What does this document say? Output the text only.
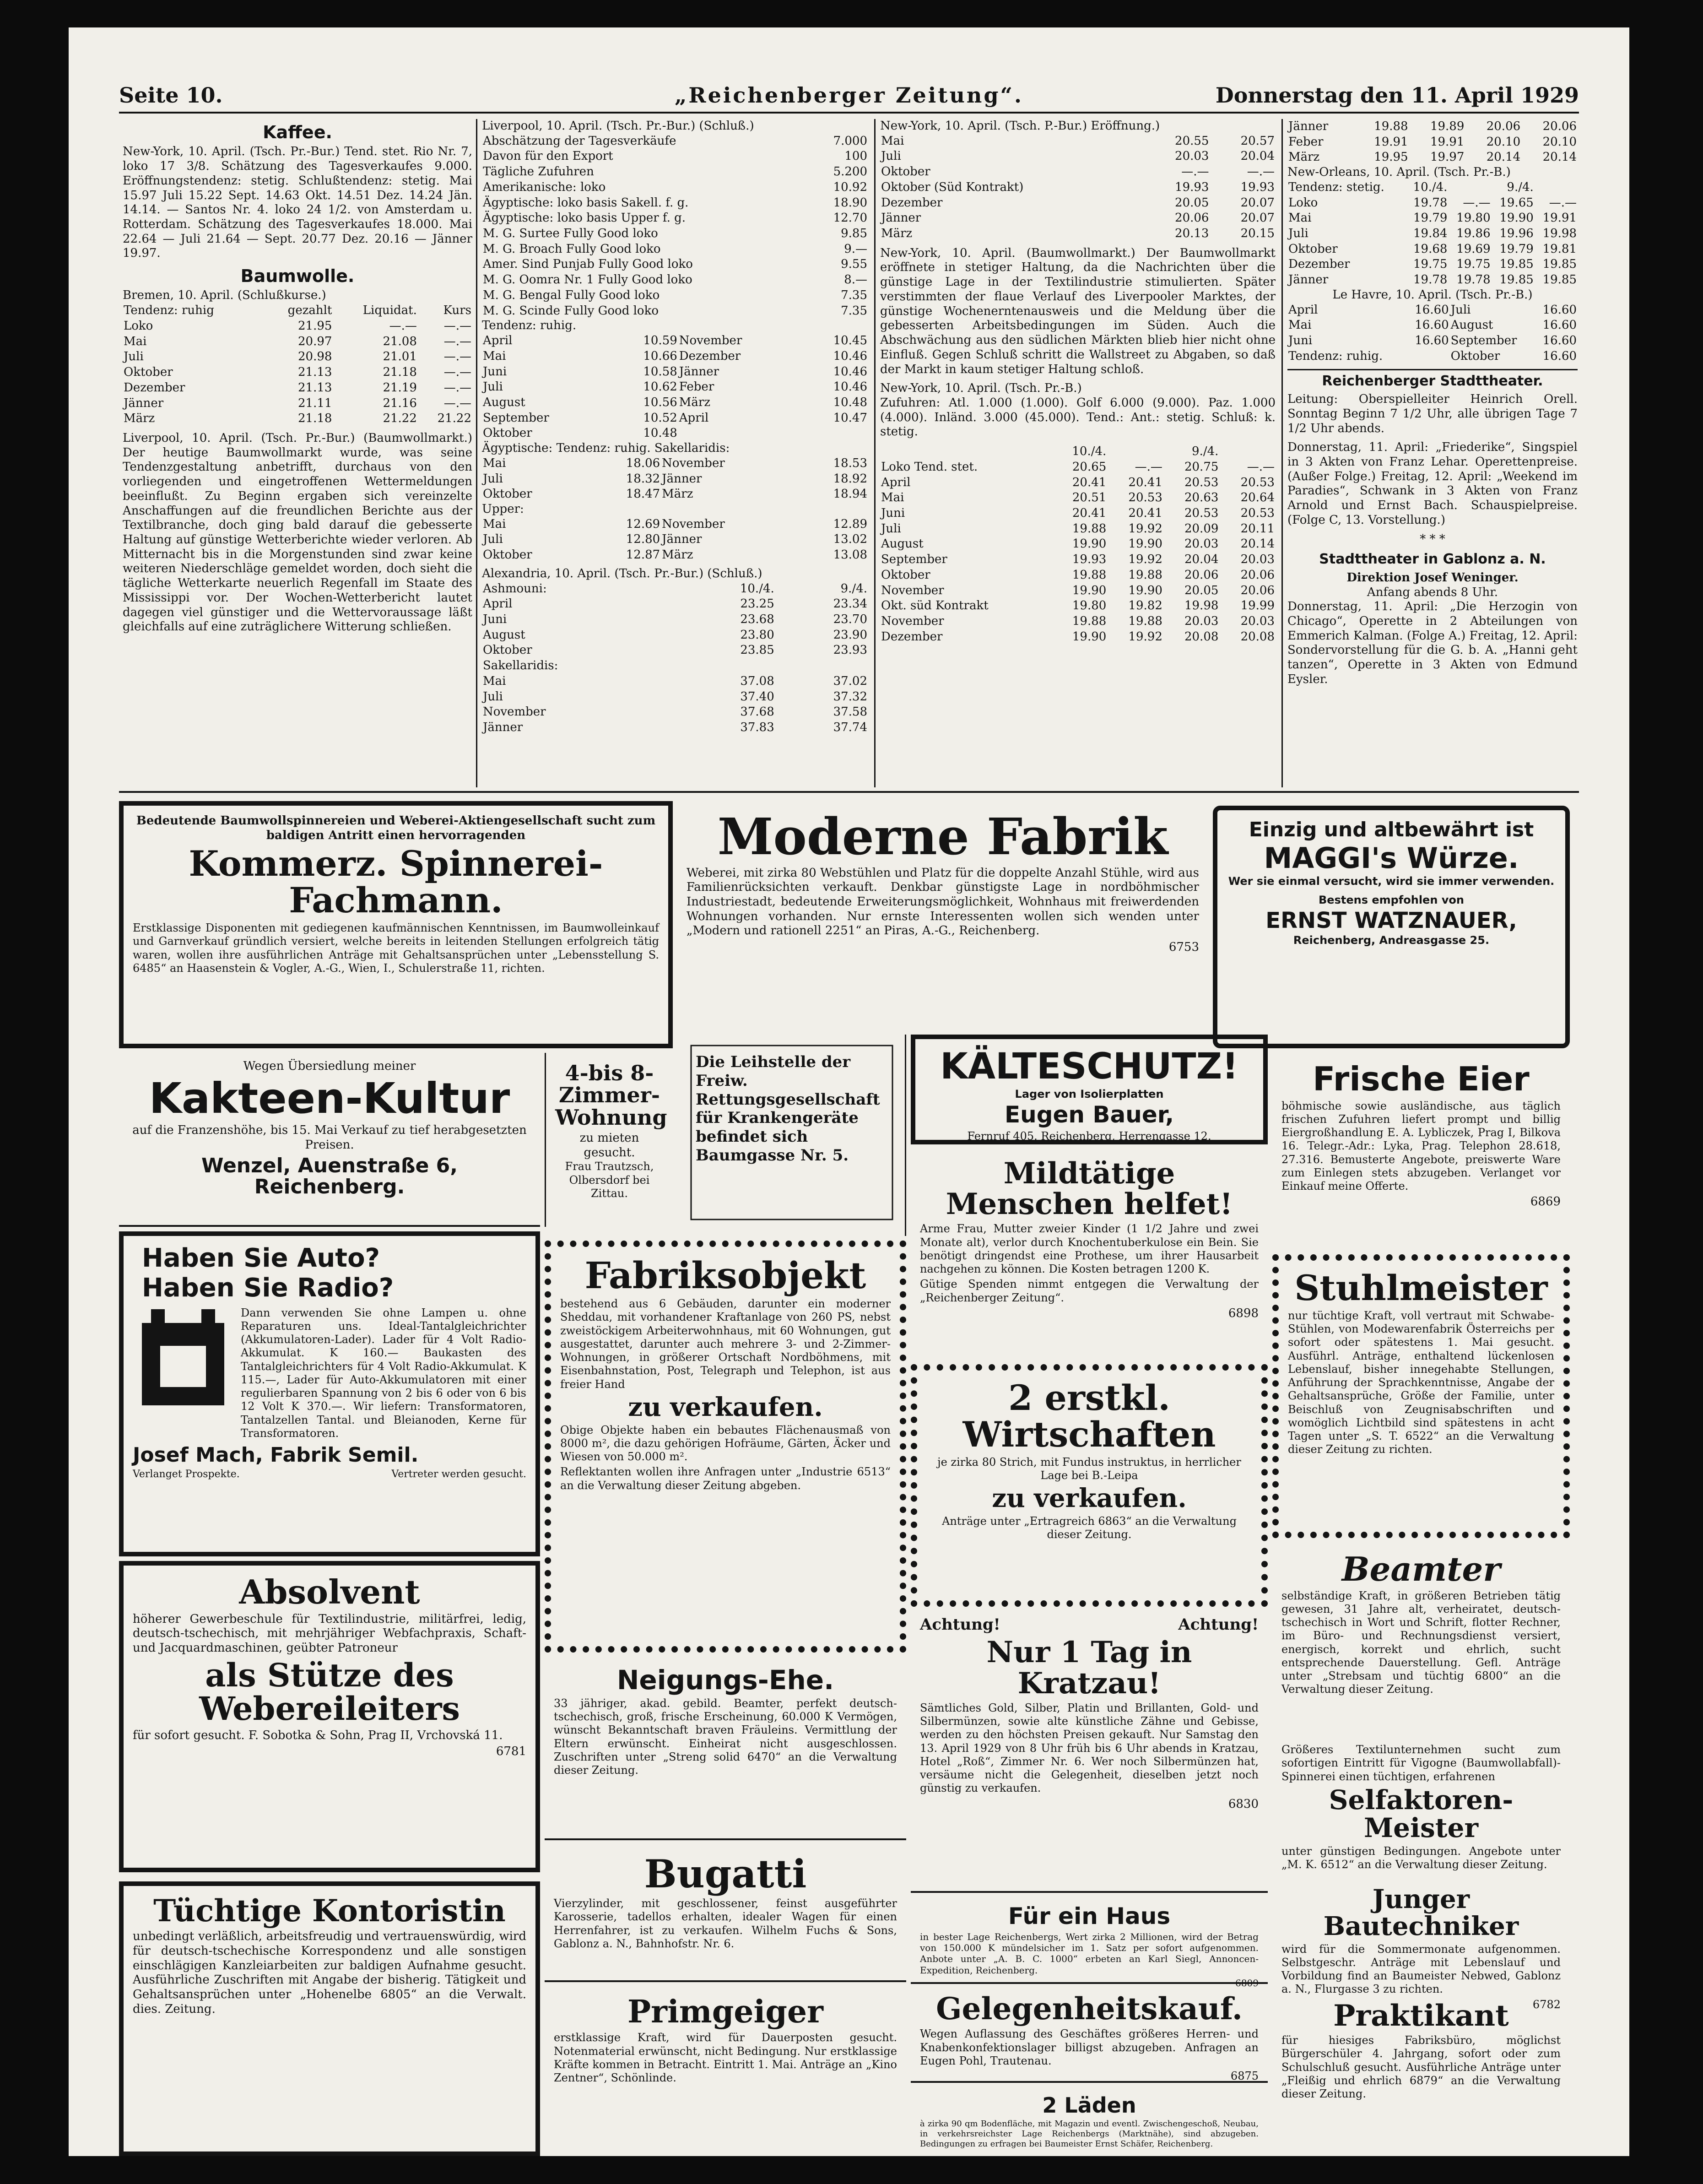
Seite 10.	„Reichenberger Zeitung“.	Donnerstag den 11. April 1929
Kaffee.

New-York, 10. April. (Tsch. Pr.-Bur.) Tend. stet. Rio Nr. 7, loko 17 3/8. Schätzung des Tagesverkaufes 9.000. Eröffnungstendenz: stetig. Schlußtendenz: stetig. Mai 15.97 Juli 15.22 Sept. 14.63 Okt. 14.51 Dez. 14.24 Jän. 14.14. — Santos Nr. 4. loko 24 1/2. von Amsterdam u. Rotterdam. Schätzung des Tagesverkaufes 18.000. Mai 22.64 — Juli 21.64 — Sept. 20.77 Dez. 20.16 — Jänner 19.97.

Baumwolle.
Bremen, 10. April. (Schlußkurse.)
Tendenz: ruhig	gezahlt	Liquidat.	Kurs
Loko	21.95	—.—	—.—
Mai	20.97	21.08	—.—
Juli	20.98	21.01	—.—
Oktober	21.13	21.18	—.—
Dezember	21.13	21.19	—.—
Jänner	21.11	21.16	—.—
März	21.18	21.22	21.22

Liverpool, 10. April. (Tsch. Pr.-Bur.) (Baumwollmarkt.) Der heutige Baumwollmarkt wurde, was seine Tendenzgestaltung anbetrifft, durchaus von den vorliegenden und eingetroffenen Wettermeldungen beeinflußt. Zu Beginn ergaben sich vereinzelte Anschaffungen auf die freundlichen Berichte aus der Textilbranche, doch ging bald darauf die gebesserte Haltung auf günstige Wetterberichte wieder verloren. Ab Mitternacht bis in die Morgenstunden sind zwar keine weiteren Niederschläge gemeldet worden, doch sieht die tägliche Wetterkarte neuerlich Regenfall im Staate des Mississippi vor. Der Wochen-Wetterbericht lautet dagegen viel günstiger und die Wettervoraussage läßt gleichfalls auf eine zuträglichere Witterung schließen.

Liverpool, 10. April. (Tsch. Pr.-Bur.) (Schluß.)
Abschätzung der Tagesverkäufe	7.000
Davon für den Export	100
Tägliche Zufuhren	5.200
Amerikanische: loko	10.92
Ägyptische: loko basis Sakell. f. g.	18.90
Ägyptische: loko basis Upper f. g.	12.70
M. G. Surtee Fully Good loko	9.85
M. G. Broach Fully Good loko	9.—
Amer. Sind Punjab Fully Good loko	9.55
M. G. Oomra Nr. 1 Fully Good loko	8.—
M. G. Bengal Fully Good loko	7.35
M. G. Scinde Fully Good loko	7.35
Tendenz: ruhig.
April	10.59	November	10.45
Mai	10.66	Dezember	10.46
Juni	10.58	Jänner	10.46
Juli	10.62	Feber	10.46
August	10.56	März	10.48
September	10.52	April	10.47
Oktober	10.48		
Ägyptische: Tendenz: ruhig. Sakellaridis:
Mai	18.06	November	18.53
Juli	18.32	Jänner	18.92
Oktober	18.47	März	18.94
Upper:
Mai	12.69	November	12.89
Juli	12.80	Jänner	13.02
Oktober	12.87	März	13.08
Alexandria, 10. April. (Tsch. Pr.-Bur.) (Schluß.)
Ashmouni:	10./4.	9./4.
April	23.25	23.34
Juni	23.68	23.70
August	23.80	23.90
Oktober	23.85	23.93
Sakellaridis:		
Mai	37.08	37.02
Juli	37.40	37.32
November	37.68	37.58
Jänner	37.83	37.74
New-York, 10. April. (Tsch. P.-Bur.) Eröffnung.)
Mai	20.55	20.57
Juli	20.03	20.04
Oktober	—.—	—.—
Oktober (Süd Kontrakt)	19.93	19.93
Dezember	20.05	20.07
Jänner	20.06	20.07
März	20.13	20.15

New-York, 10. April. (Baumwollmarkt.) Der Baumwollmarkt eröffnete in stetiger Haltung, da die Nachrichten über die günstige Lage in der Textilindustrie stimulierten. Später verstimmten der flaue Verlauf des Liverpooler Marktes, der günstige Wochenerntenausweis und die Meldung über die gebesserten Arbeitsbedingungen im Süden. Auch die Abschwächung aus den südlichen Märkten blieb hier nicht ohne Einfluß. Gegen Schluß schritt die Wallstreet zu Abgaben, so daß der Markt in kaum stetiger Haltung schloß.

New-York, 10. April. (Tsch. Pr.-B.)

Zufuhren: Atl. 1.000 (1.000). Golf 6.000 (9.000). Paz. 1.000 (4.000). Inländ. 3.000 (45.000). Tend.: Ant.: stetig. Schluß: k. stetig.

	10./4.		9./4.	
Loko Tend. stet.	20.65	—.—	20.75	—.—
April	20.41	20.41	20.53	20.53
Mai	20.51	20.53	20.63	20.64
Juni	20.41	20.41	20.53	20.53
Juli	19.88	19.92	20.09	20.11
August	19.90	19.90	20.03	20.14
September	19.93	19.92	20.04	20.03
Oktober	19.88	19.88	20.06	20.06
November	19.90	19.90	20.05	20.06
Okt. süd Kontrakt	19.80	19.82	19.98	19.99
November	19.88	19.88	20.03	20.03
Dezember	19.90	19.92	20.08	20.08
Jänner	19.88	19.89	20.06	20.06
Feber	19.91	19.91	20.10	20.10
März	19.95	19.97	20.14	20.14
New-Orleans, 10. April. (Tsch. Pr.-B.)
Tendenz: stetig.	10./4.		9./4.	
Loko	19.78	—.—	19.65	—.—
Mai	19.79	19.80	19.90	19.91
Juli	19.84	19.86	19.96	19.98
Oktober	19.68	19.69	19.79	19.81
Dezember	19.75	19.75	19.85	19.85
Jänner	19.78	19.78	19.85	19.85
Le Havre, 10. April. (Tsch. Pr.-B.)
April	16.60	Juli	16.60
Mai	16.60	August	16.60
Juni	16.60	September	16.60
Tendenz: ruhig.		Oktober	16.60
Reichenberger Stadttheater.

Leitung: Oberspielleiter Heinrich Orell. Sonntag Beginn 7 1/2 Uhr, alle übrigen Tage 7 1/2 Uhr abends.

Donnerstag, 11. April: „Friederike“, Singspiel in 3 Akten von Franz Lehar. Operettenpreise. (Außer Folge.) Freitag, 12. April: „Weekend im Paradies“, Schwank in 3 Akten von Franz Arnold und Ernst Bach. Schauspielpreise. (Folge C, 13. Vorstellung.)

* * *
Stadttheater in Gablonz a. N.
Direktion Josef Weninger.
Anfang abends 8 Uhr.

Donnerstag, 11. April: „Die Herzogin von Chicago“, Operette in 2 Abteilungen von Emmerich Kalman. (Folge A.) Freitag, 12. April: Sondervorstellung für die G. b. A. „Hanni geht tanzen“, Operette in 3 Akten von Edmund Eysler.

Bedeutende Baumwollspinnereien und Weberei-Aktiengesellschaft sucht zum baldigen Antritt einen hervorragenden

Kommerz. Spinnerei-Fachmann.

Erstklassige Disponenten mit gediegenen kaufmännischen Kenntnissen, im Baumwolleinkauf und Garnverkauf gründlich versiert, welche bereits in leitenden Stellungen erfolgreich tätig waren, wollen ihre ausführlichen Anträge mit Gehaltsansprüchen unter „Lebensstellung S. 6485“ an Haasenstein & Vogler, A.-G., Wien, I., Schulerstraße 11, richten.

Moderne Fabrik

Weberei, mit zirka 80 Webstühlen und Platz für die doppelte Anzahl Stühle, wird aus Familienrücksichten verkauft. Denkbar günstigste Lage in nordböhmischer Industriestadt, bedeutende Erweiterungsmöglichkeit, Wohnhaus mit freiwerdenden Wohnungen vorhanden. Nur ernste Interessenten wollen sich wenden unter „Modern und rationell 2251“ an Piras, A.-G., Reichenberg.

6753
Einzig und altbewährt ist
MAGGI's Würze.
Wer sie einmal versucht, wird sie immer verwenden.
Bestens empfohlen von
ERNST WATZNAUER,
Reichenberg, Andreasgasse 25.
Wegen Übersiedlung meiner
Kakteen-Kultur

auf die Franzenshöhe, bis 15. Mai Verkauf zu tief herabgesetzten Preisen.

Wenzel, Auenstraße 6, Reichenberg.
4-bis 8-Zimmer-Wohnung
zu mieten gesucht.
Frau Trautzsch, Olbersdorf bei Zittau.
Die Leihstelle der Freiw. Rettungsgesellschaft für Krankengeräte befindet sich Baumgasse Nr. 5.
KÄLTESCHUTZ!
Lager von Isolierplatten
Eugen Bauer,
Fernruf 405. Reichenberg, Herrengasse 12.
Frische Eier

böhmische sowie ausländische, aus täglich frischen Zufuhren liefert prompt und billig Eiergroßhandlung E. A. Lybliczek, Prag I, Bilkova 16. Telegr.-Adr.: Lyka, Prag. Telephon 28.618, 27.316. Bemusterte Angebote, preiswerte Ware zum Einlegen stets abzugeben. Verlanget vor Einkauf meine Offerte.

6869
Mildtätige Menschen helfet!

Arme Frau, Mutter zweier Kinder (1 1/2 Jahre und zwei Monate alt), verlor durch Knochentuberkulose ein Bein. Sie benötigt dringendst eine Prothese, um ihrer Hausarbeit nachgehen zu können. Die Kosten betragen 1200 K.

Gütige Spenden nimmt entgegen die Verwaltung der „Reichenberger Zeitung“.

6898
Haben Sie Auto?
Haben Sie Radio?

Dann verwenden Sie ohne Lampen u. ohne Reparaturen uns. Ideal-Tantalgleichrichter (Akkumulatoren-Lader). Lader für 4 Volt Radio-Akkumulat. K 160.— Baukasten des Tantalgleichrichters für 4 Volt Radio-Akkumulat. K 115.—, Lader für Auto-Akkumulatoren mit einer regulierbaren Spannung von 2 bis 6 oder von 6 bis 12 Volt K 370.—. Wir liefern: Transformatoren, Tantalzellen Tantal. und Bleianoden, Kerne für Transformatoren.

Josef Mach, Fabrik Semil.
Verlanget Prospekte.	Vertreter werden gesucht.
Fabriksobjekt

bestehend aus 6 Gebäuden, darunter ein moderner Sheddau, mit vorhandener Kraftanlage von 260 PS, nebst zweistöckigem Arbeiterwohnhaus, mit 60 Wohnungen, gut ausgestattet, darunter auch mehrere 3- und 2-Zimmer-Wohnungen, in größerer Ortschaft Nordböhmens, mit Eisenbahnstation, Post, Telegraph und Telephon, ist aus freier Hand

zu verkaufen.

Obige Objekte haben ein bebautes Flächenausmaß von 8000 m², die dazu gehörigen Hofräume, Gärten, Äcker und Wiesen von 50.000 m².

Reflektanten wollen ihre Anfragen unter „Industrie 6513“ an die Verwaltung dieser Zeitung abgeben.

2 erstkl. Wirtschaften

je zirka 80 Strich, mit Fundus instruktus, in herrlicher Lage bei B.-Leipa

zu verkaufen.

Anträge unter „Ertragreich 6863“ an die Verwaltung dieser Zeitung.

Stuhlmeister

nur tüchtige Kraft, voll vertraut mit Schwabe-Stühlen, von Modewarenfabrik Österreichs per sofort oder spätestens 1. Mai gesucht. Ausführl. Anträge, enthaltend lückenlosen Lebenslauf, bisher innegehabte Stellungen, Anführung der Sprachkenntnisse, Angabe der Gehaltsansprüche, Größe der Familie, unter Beischluß von Zeugnisabschriften und womöglich Lichtbild sind spätestens in acht Tagen unter „S. T. 6522“ an die Verwaltung dieser Zeitung zu richten.

Absolvent

höherer Gewerbeschule für Textilindustrie, militärfrei, ledig, deutsch-tschechisch, mit mehrjähriger Webfachpraxis, Schaft- und Jacquardmaschinen, geübter Patroneur

als Stütze des Webereileiters

für sofort gesucht. F. Sobotka & Sohn, Prag II, Vrchovská 11.

6781
Neigungs-Ehe.

33 jähriger, akad. gebild. Beamter, perfekt deutsch-tschechisch, groß, frische Erscheinung, 60.000 K Vermögen, wünscht Bekanntschaft braven Fräuleins. Vermittlung der Eltern erwünscht. Einheirat nicht ausgeschlossen. Zuschriften unter „Streng solid 6470“ an die Verwaltung dieser Zeitung.

Achtung!	Achtung!
Nur 1 Tag in Kratzau!

Sämtliches Gold, Silber, Platin und Brillanten, Gold- und Silbermünzen, sowie alte künstliche Zähne und Gebisse, werden zu den höchsten Preisen gekauft. Nur Samstag den 13. April 1929 von 8 Uhr früh bis 6 Uhr abends in Kratzau, Hotel „Roß“, Zimmer Nr. 6. Wer noch Silbermünzen hat, versäume nicht die Gelegenheit, dieselben jetzt noch günstig zu verkaufen.

6830
Beamter

selbständige Kraft, in größeren Betrieben tätig gewesen, 31 Jahre alt, verheiratet, deutsch-tschechisch in Wort und Schrift, flotter Rechner, im Büro- und Rechnungsdienst versiert, energisch, korrekt und ehrlich, sucht entsprechende Dauerstellung. Gefl. Anträge unter „Strebsam und tüchtig 6800“ an die Verwaltung dieser Zeitung.

Größeres Textilunternehmen sucht zum sofortigen Eintritt für Vigogne (Baumwollabfall)-Spinnerei einen tüchtigen, erfahrenen

Selfaktoren-Meister

unter günstigen Bedingungen. Angebote unter „M. K. 6512“ an die Verwaltung dieser Zeitung.

Bugatti

Vierzylinder, mit geschlossener, feinst ausgeführter Karosserie, tadellos erhalten, idealer Wagen für einen Herrenfahrer, ist zu verkaufen. Wilhelm Fuchs & Sons, Gablonz a. N., Bahnhofstr. Nr. 6.

Für ein Haus

in bester Lage Reichenbergs, Wert zirka 2 Millionen, wird der Betrag von 150.000 K mündelsicher im 1. Satz per sofort aufgenommen. Anbote unter „A. B. C. 1000“ erbeten an Karl Siegl, Annoncen-Expedition, Reichenberg.

6809
Tüchtige Kontoristin

unbedingt verläßlich, arbeitsfreudig und vertrauenswürdig, wird für deutsch-tschechische Korrespondenz und alle sonstigen einschlägigen Kanzleiarbeiten zur baldigen Aufnahme gesucht. Ausführliche Zuschriften mit Angabe der bisherig. Tätigkeit und Gehaltsansprüchen unter „Hohenelbe 6805“ an die Verwalt. dies. Zeitung.	Primgeiger

erstklassige Kraft, wird für Dauerposten gesucht. Notenmaterial erwünscht, nicht Bedingung. Nur erstklassige Kräfte kommen in Betracht. Eintritt 1. Mai. Anträge an „Kino Zentner“, Schönlinde.

Gelegenheitskauf.

Wegen Auflassung des Geschäftes größeres Herren- und Knabenkonfektionslager billigst abzugeben. Anfragen an Eugen Pohl, Trautenau.

6875
2 Läden

à zirka 90 qm Bodenfläche, mit Magazin und eventl. Zwischengeschoß, Neubau, in verkehrsreichster Lage Reichenbergs (Marktnähe), sind abzugeben. Bedingungen zu erfragen bei Baumeister Ernst Schäfer, Reichenberg.

Junger Bautechniker

wird für die Sommermonate aufgenommen. Selbstgeschr. Anträge mit Lebenslauf und Vorbildung find an Baumeister Nebwed, Gablonz a. N., Flurgasse 3 zu richten.

6782
Praktikant

für hiesiges Fabriksbüro, möglichst Bürgerschüler 4. Jahrgang, sofort oder zum Schulschluß gesucht. Ausführliche Anträge unter „Fleißig und ehrlich 6879“ an die Verwaltung dieser Zeitung.
